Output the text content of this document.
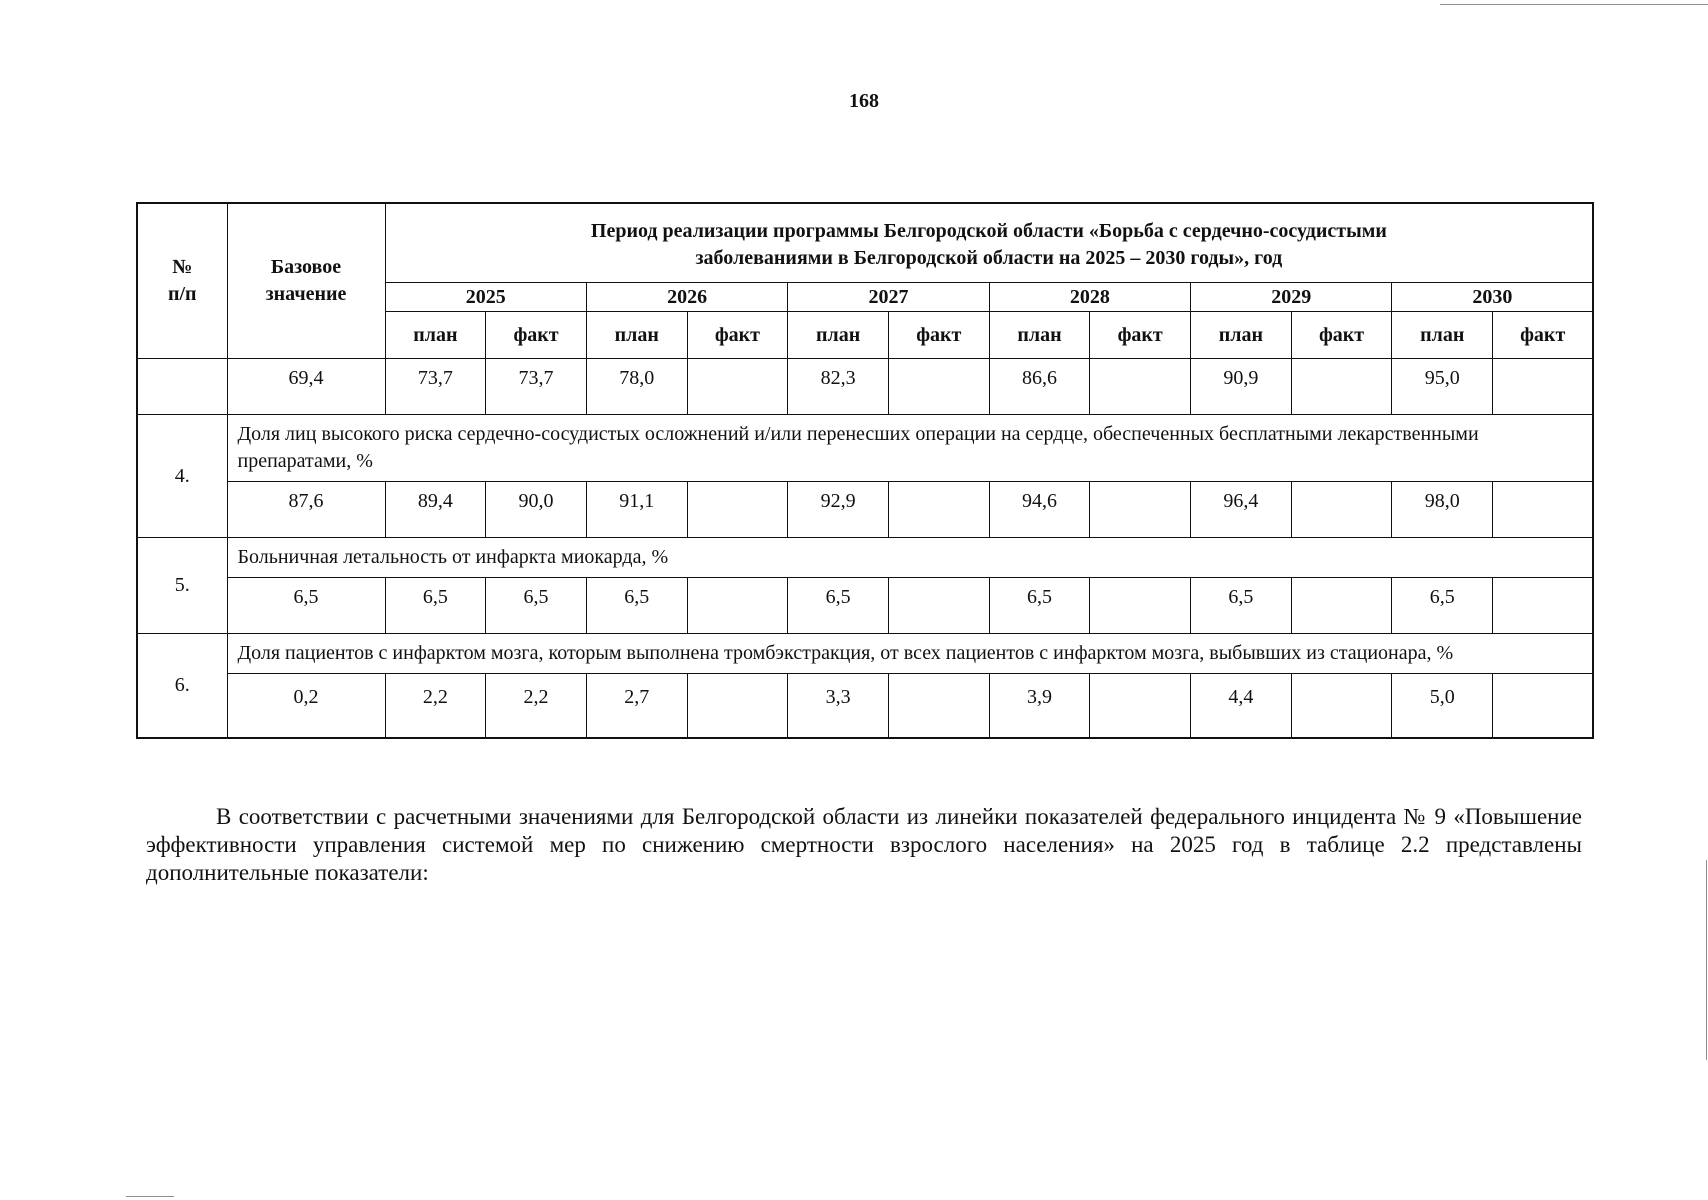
168
№ п/п	Базовое значение	Период реализации программы Белгородской области «Борьба с сердечно-сосудистыми заболеваниями в Белгородской области на 2025 – 2030 годы», год											

		2025		2026		2027		2028		2029		2030	
		план	факт	план	факт	план	факт	план	факт	план	факт	план	факт
	69,4	73,7	73,7	78,0		82,3		86,6		90,9		95,0	
4.	Доля лиц высокого риска сердечно-сосудистых осложнений и/или перенесших операции на сердце, обеспеченных бесплатными лекарственными препаратами, %												
	87,6	89,4	90,0	91,1		92,9		94,6		96,4		98,0	
5.	Больничная летальность от инфаркта миокарда, %												
	6,5	6,5	6,5	6,5		6,5		6,5		6,5		6,5	
6.	Доля пациентов с инфарктом мозга, которым выполнена тромбэкстракция, от всех пациентов с инфарктом мозга, выбывших из стационара, %												
	0,2	2,2	2,2	2,7		3,3		3,9		4,4		5,0	

В соответствии с расчетными значениями для Белгородской области из линейки показателей федерального инцидента № 9 «Повышение эффективности управления системой мер по снижению смертности взрослого населения» на 2025 год в таблице 2.2 представлены дополнительные показатели:
